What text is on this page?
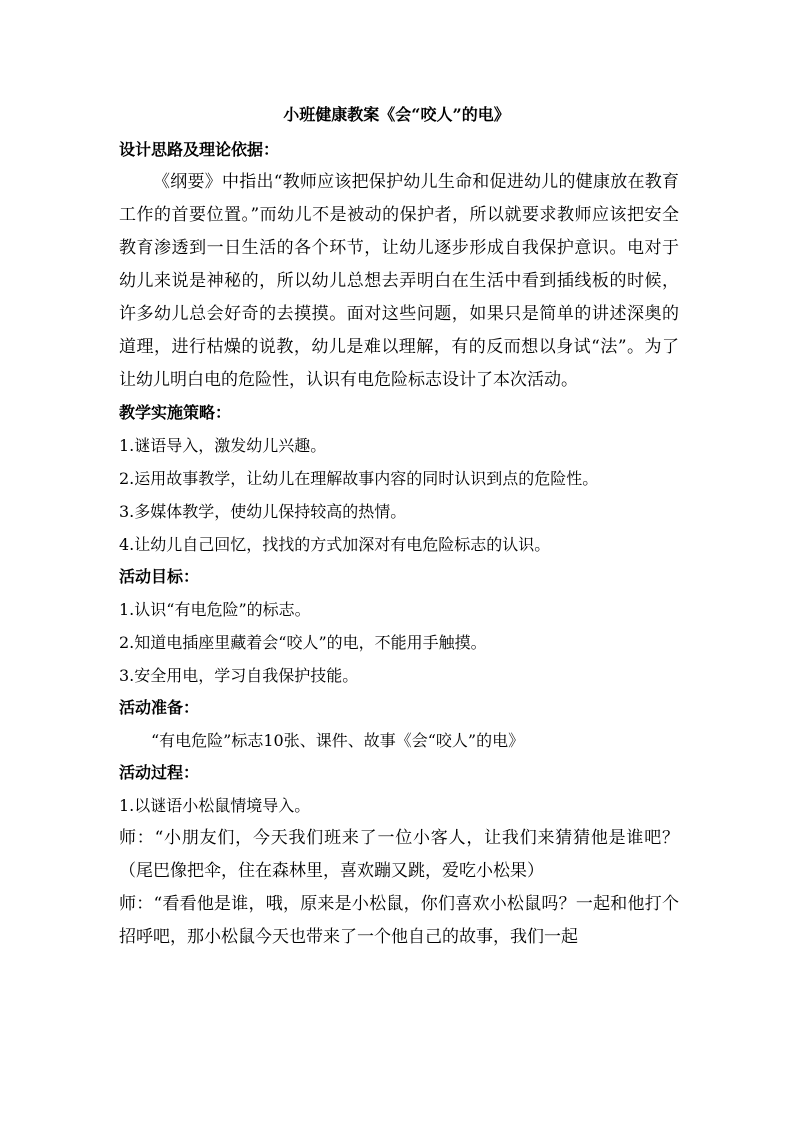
小班健康教案《会“咬人”的电》

设计思路及理论依据：

《纲要》中指出“教师应该把保护幼儿生命和促进幼儿的健康放在教育工作的首要位置。”而幼儿不是被动的保护者，所以就要求教师应该把安全教育渗透到一日生活的各个环节，让幼儿逐步形成自我保护意识。电对于幼儿来说是神秘的，所以幼儿总想去弄明白在生活中看到插线板的时候，许多幼儿总会好奇的去摸摸。面对这些问题，如果只是简单的讲述深奥的道理，进行枯燥的说教，幼儿是难以理解，有的反而想以身试“法”。为了让幼儿明白电的危险性，认识有电危险标志设计了本次活动。

教学实施策略：

1.谜语导入，激发幼儿兴趣。

2.运用故事教学，让幼儿在理解故事内容的同时认识到点的危险性。

3.多媒体教学，使幼儿保持较高的热情。

4.让幼儿自己回忆，找找的方式加深对有电危险标志的认识。

活动目标：

1.认识“有电危险”的标志。

2.知道电插座里藏着会“咬人”的电，不能用手触摸。

3.安全用电，学习自我保护技能。

活动准备：

“有电危险”标志10张、课件、故事《会“咬人”的电》

活动过程：

1.以谜语小松鼠情境导入。

师：“小朋友们，今天我们班来了一位小客人，让我们来猜猜他是谁吧？（尾巴像把伞，住在森林里，喜欢蹦又跳，爱吃小松果）

师：“看看他是谁，哦，原来是小松鼠，你们喜欢小松鼠吗？一起和他打个招呼吧，那小松鼠今天也带来了一个他自己的故事，我们一起
